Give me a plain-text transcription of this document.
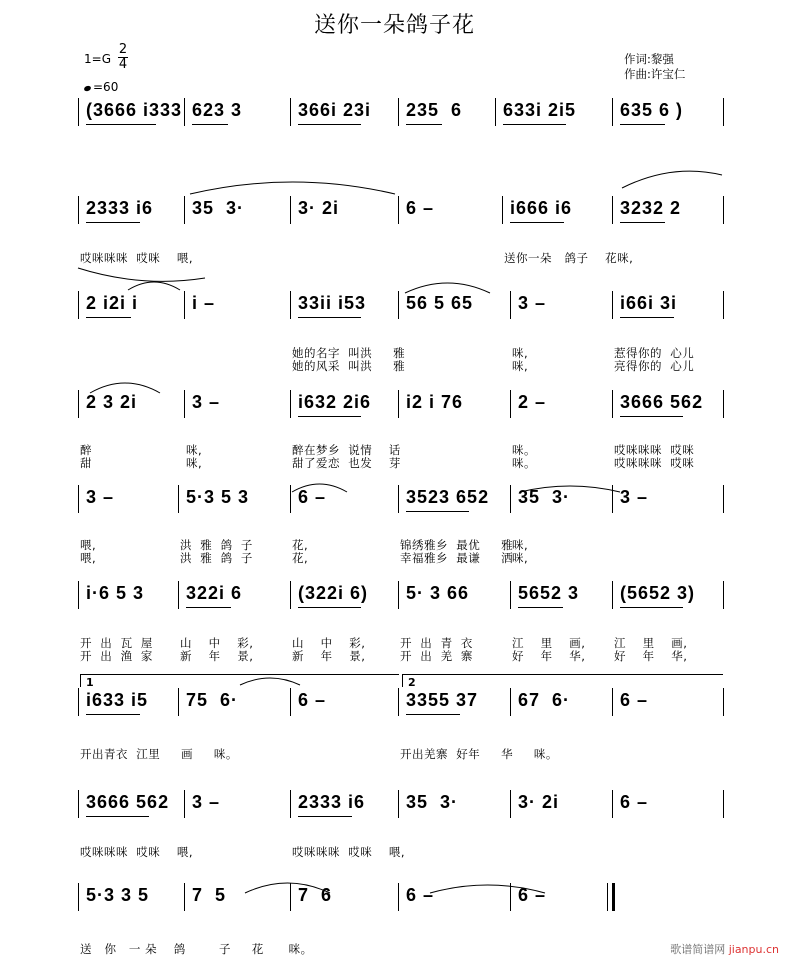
送你一朵鸽子花
作词:黎强
作曲:许宝仁
1=G
2
4
=60
(3666 i333 623 3	366i 23i 235  6 633i 2i5 635 6 )
2333 i6 35  3·	3· 2i	6 –	i666 i6	3232 2
哎咪咪咪  哎咪    喂,	送你一朵   鸽子    花咪,
2 i2i i	i –	33ii i53 56 5 65 3 –	i66i 3i
她的名字  叫洪     雅	咪,	惹得你的  心儿
她的风采  叫洪     雅	咪,	亮得你的  心儿
2 3 2i	3 –	i632 2i6 i2 i 76	2 –	3666 562
醉	咪,	醉在梦乡  说情    话	咪。	哎咪咪咪  哎咪
甜	咪,	甜了爱恋  也发    芽	咪。	哎咪咪咪  哎咪
3 –	5·3 5 3	6 –	3523 652 35  3·	3 –
喂,	洪  雅  鸽  子	花,	锦绣雅乡  最优     雅
咪,
喂,	洪  雅  鸽  子	花,	幸福雅乡  最谦     洒
咪,
i·6 5 3 322i 6	(322i 6) 5· 3 66	5652 3 (5652 3)
开  出  瓦  屋 山    中    彩,	山    中    彩,	开  出  青  衣	江    里    画, 江    里    画,
开  出  渔  家 新    年    景,	新    年    景,	开  出  羌  寨	好    年    华, 好    年    华,
i633 i5 75  6·	6 –	3355 37 67  6·	6 –
开出青衣  江里     画     咪。	开出羌寨  好年     华     咪。
1	2
3666 562 3 –	2333 i6 35  3·	3· 2i	6 –
哎咪咪咪  哎咪    喂,	哎咪咪咪  哎咪    喂,
5·3 3 5 7  5	7  6	6 –	6 –
送   你   一 朵    鸽        子     花      咪。	歌谱简谱网 jianpu.cn
